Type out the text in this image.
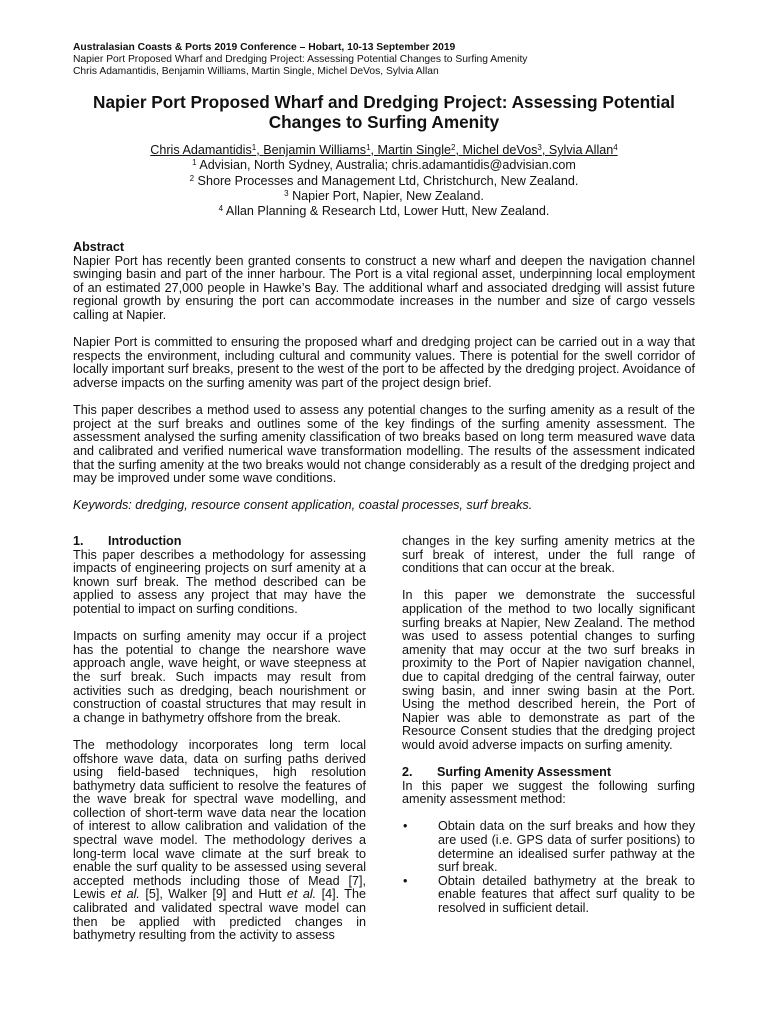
Australasian Coasts & Ports 2019 Conference – Hobart, 10-13 September 2019
Napier Port Proposed Wharf and Dredging Project: Assessing Potential Changes to Surfing Amenity
Chris Adamantidis, Benjamin Williams, Martin Single, Michel DeVos, Sylvia Allan
Napier Port Proposed Wharf and Dredging Project: Assessing Potential
Changes to Surfing Amenity
Chris Adamantidis$^1$, Benjamin Williams$^1$, Martin Single$^2$, Michel deVos$^3$, Sylvia Allan$^4$
$^1$ Advisian, North Sydney, Australia; chris.adamantidis@advisian.com
$^2$ Shore Processes and Management Ltd, Christchurch, New Zealand.
$^3$ Napier Port, Napier, New Zealand.
$^4$ Allan Planning & Research Ltd, Lower Hutt, New Zealand.
Abstract

Napier Port has recently been granted consents to construct a new wharf and deepen the navigation channel swinging basin and part of the inner harbour. The Port is a vital regional asset, underpinning local employment of an estimated 27,000 people in Hawke’s Bay. The additional wharf and associated dredging will assist future regional growth by ensuring the port can accommodate increases in the number and size of cargo vessels calling at Napier.

Napier Port is committed to ensuring the proposed wharf and dredging project can be carried out in a way that respects the environment, including cultural and community values. There is potential for the swell corridor of locally important surf breaks, present to the west of the port to be affected by the dredging project. Avoidance of adverse impacts on the surfing amenity was part of the project design brief.

This paper describes a method used to assess any potential changes to the surfing amenity as a result of the project at the surf breaks and outlines some of the key findings of the surfing amenity assessment. The assessment analysed the surfing amenity classification of two breaks based on long term measured wave data and calibrated and verified numerical wave transformation modelling. The results of the assessment indicated that the surfing amenity at the two breaks would not change considerably as a result of the dredging project and may be improved under some wave conditions.

Keywords: dredging, resource consent application, coastal processes, surf breaks.

1. Introduction

This paper describes a methodology for assessing impacts of engineering projects on surf amenity at a known surf break. The method described can be applied to assess any project that may have the potential to impact on surfing conditions.

Impacts on surfing amenity may occur if a project has the potential to change the nearshore wave approach angle, wave height, or wave steepness at the surf break. Such impacts may result from activities such as dredging, beach nourishment or construction of coastal structures that may result in a change in bathymetry offshore from the break.

The methodology incorporates long term local offshore wave data, data on surfing paths derived using field-based techniques, high resolution bathymetry data sufficient to resolve the features of the wave break for spectral wave modelling, and collection of short-term wave data near the location of interest to allow calibration and validation of the spectral wave model. The methodology derives a long-term local wave climate at the surf break to enable the surf quality to be assessed using several accepted methods including those of Mead [7], Lewis et al. [5], Walker [9] and Hutt et al. [4]. The calibrated and validated spectral wave model can then be applied with predicted changes in bathymetry resulting from the activity to assess

changes in the key surfing amenity metrics at the surf break of interest, under the full range of conditions that can occur at the break.

In this paper we demonstrate the successful application of the method to two locally significant surfing breaks at Napier, New Zealand. The method was used to assess potential changes to surfing amenity that may occur at the two surf breaks in proximity to the Port of Napier navigation channel, due to capital dredging of the central fairway, outer swing basin, and inner swing basin at the Port. Using the method described herein, the Port of Napier was able to demonstrate as part of the Resource Consent studies that the dredging project would avoid adverse impacts on surfing amenity.

2. Surfing Amenity Assessment

In this paper we suggest the following surfing amenity assessment method:

• Obtain data on the surf breaks and how they are used (i.e. GPS data of surfer positions) to determine an idealised surfer pathway at the surf break.
• Obtain detailed bathymetry at the break to enable features that affect surf quality to be resolved in sufficient detail.
